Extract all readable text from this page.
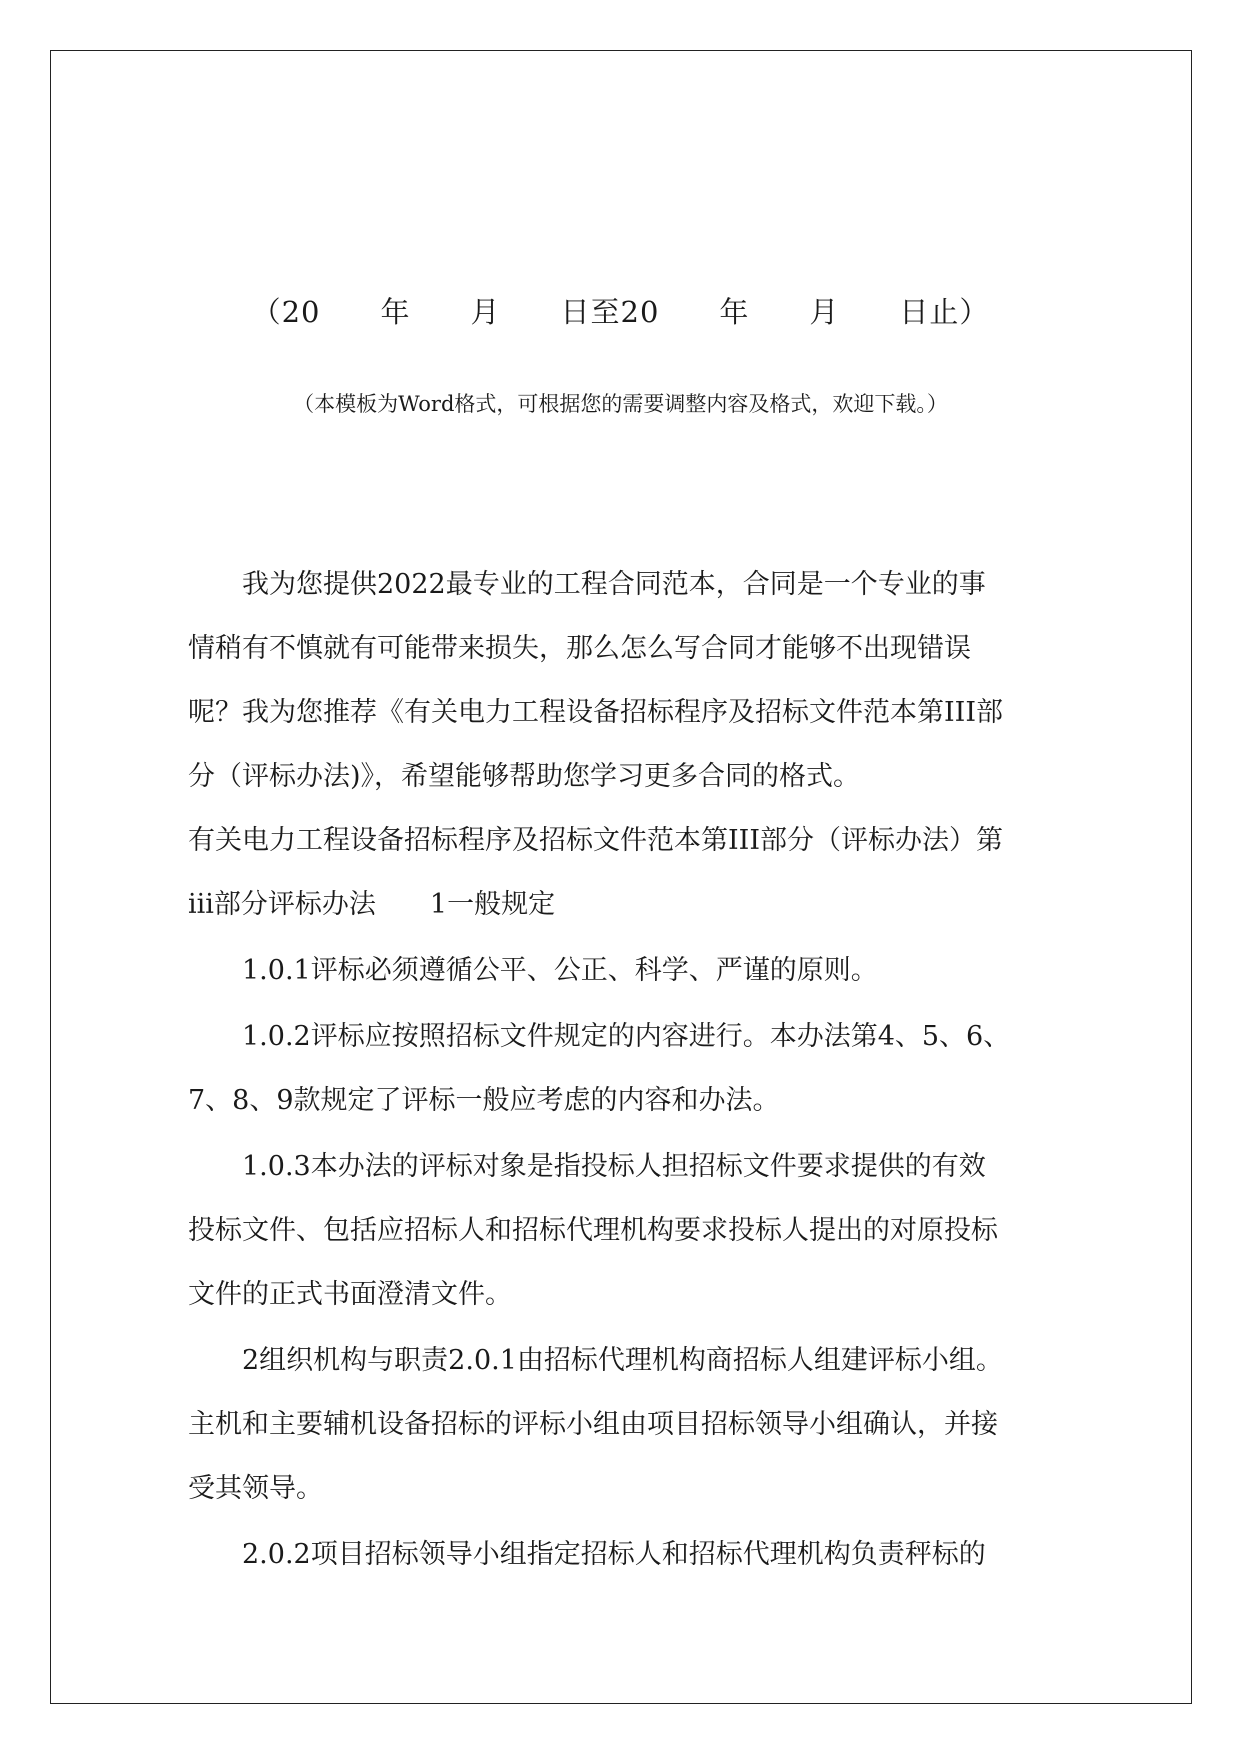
（20　　年　　月　　日至20　　年　　月　　日止）
（本模板为Word格式，可根据您的需要调整内容及格式，欢迎下载。）
　　我为您提供2022最专业的工程合同范本，合同是一个专业的事
情稍有不慎就有可能带来损失，那么怎么写合同才能够不出现错误
呢？我为您推荐《有关电力工程设备招标程序及招标文件范本第III部
分（评标办法)》，希望能够帮助您学习更多合同的格式。
有关电力工程设备招标程序及招标文件范本第III部分（评标办法）第
iii部分评标办法　　1一般规定
　　1.0.1评标必须遵循公平、公正、科学、严谨的原则。
　　1.0.2评标应按照招标文件规定的内容进行。本办法第4、5、6、
7、8、9款规定了评标一般应考虑的内容和办法。
　　1.0.3本办法的评标对象是指投标人担招标文件要求提供的有效
投标文件、包括应招标人和招标代理机构要求投标人提出的对原投标
文件的正式书面澄清文件。
　　2组织机构与职责2.0.1由招标代理机构商招标人组建评标小组。
主机和主要辅机设备招标的评标小组由项目招标领导小组确认，并接
受其领导。
　　2.0.2项目招标领导小组指定招标人和招标代理机构负责秤标的
